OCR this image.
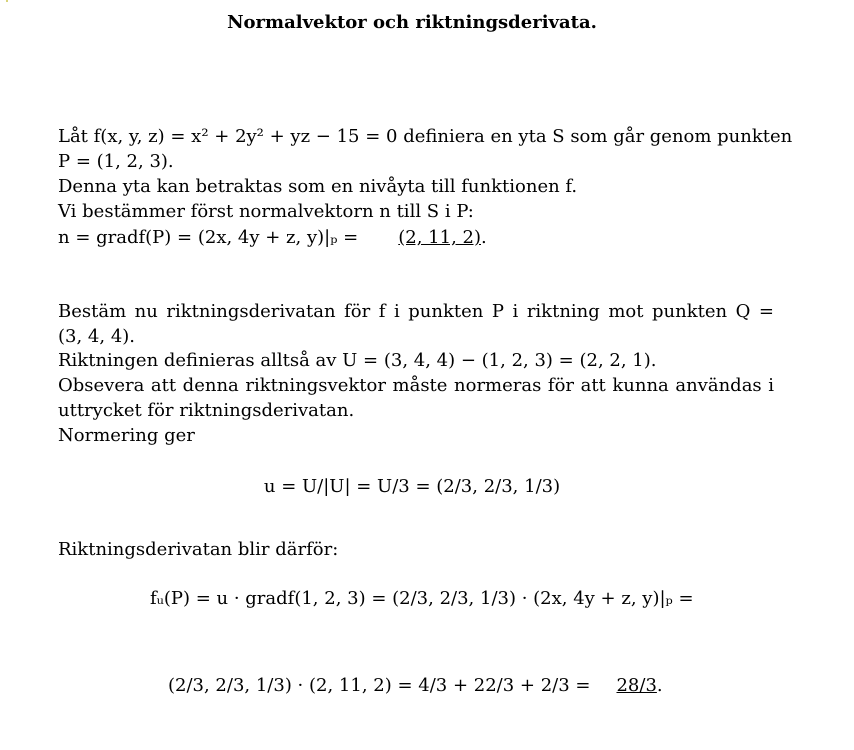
Normalvektor och riktningsderivata.
Låt f(x, y, z) = x² + 2y² + yz − 15 = 0 definiera en yta S som går genom punkten
P = (1, 2, 3).
Denna yta kan betraktas som en nivåyta till funktionen f.
Vi bestämmer först normalvektorn n till S i P:
n = gradf(P) = (2x, 4y + z, y)|ₚ = (2, 11, 2).
Bestäm nu riktningsderivatan för f i punkten P i riktning mot punkten Q =
(3, 4, 4).
Riktningen definieras alltså av U = (3, 4, 4) − (1, 2, 3) = (2, 2, 1).
Obsevera att denna riktningsvektor måste normeras för att kunna användas i
uttrycket för riktningsderivatan.
Normering ger
u = U/|U| = U/3 = (2/3, 2/3, 1/3)
Riktningsderivatan blir därför:
fᵤ(P) = u · gradf(1, 2, 3) = (2/3, 2/3, 1/3) · (2x, 4y + z, y)|ₚ =
(2/3, 2/3, 1/3) · (2, 11, 2) = 4/3 + 22/3 + 2/3 = 28/3.
